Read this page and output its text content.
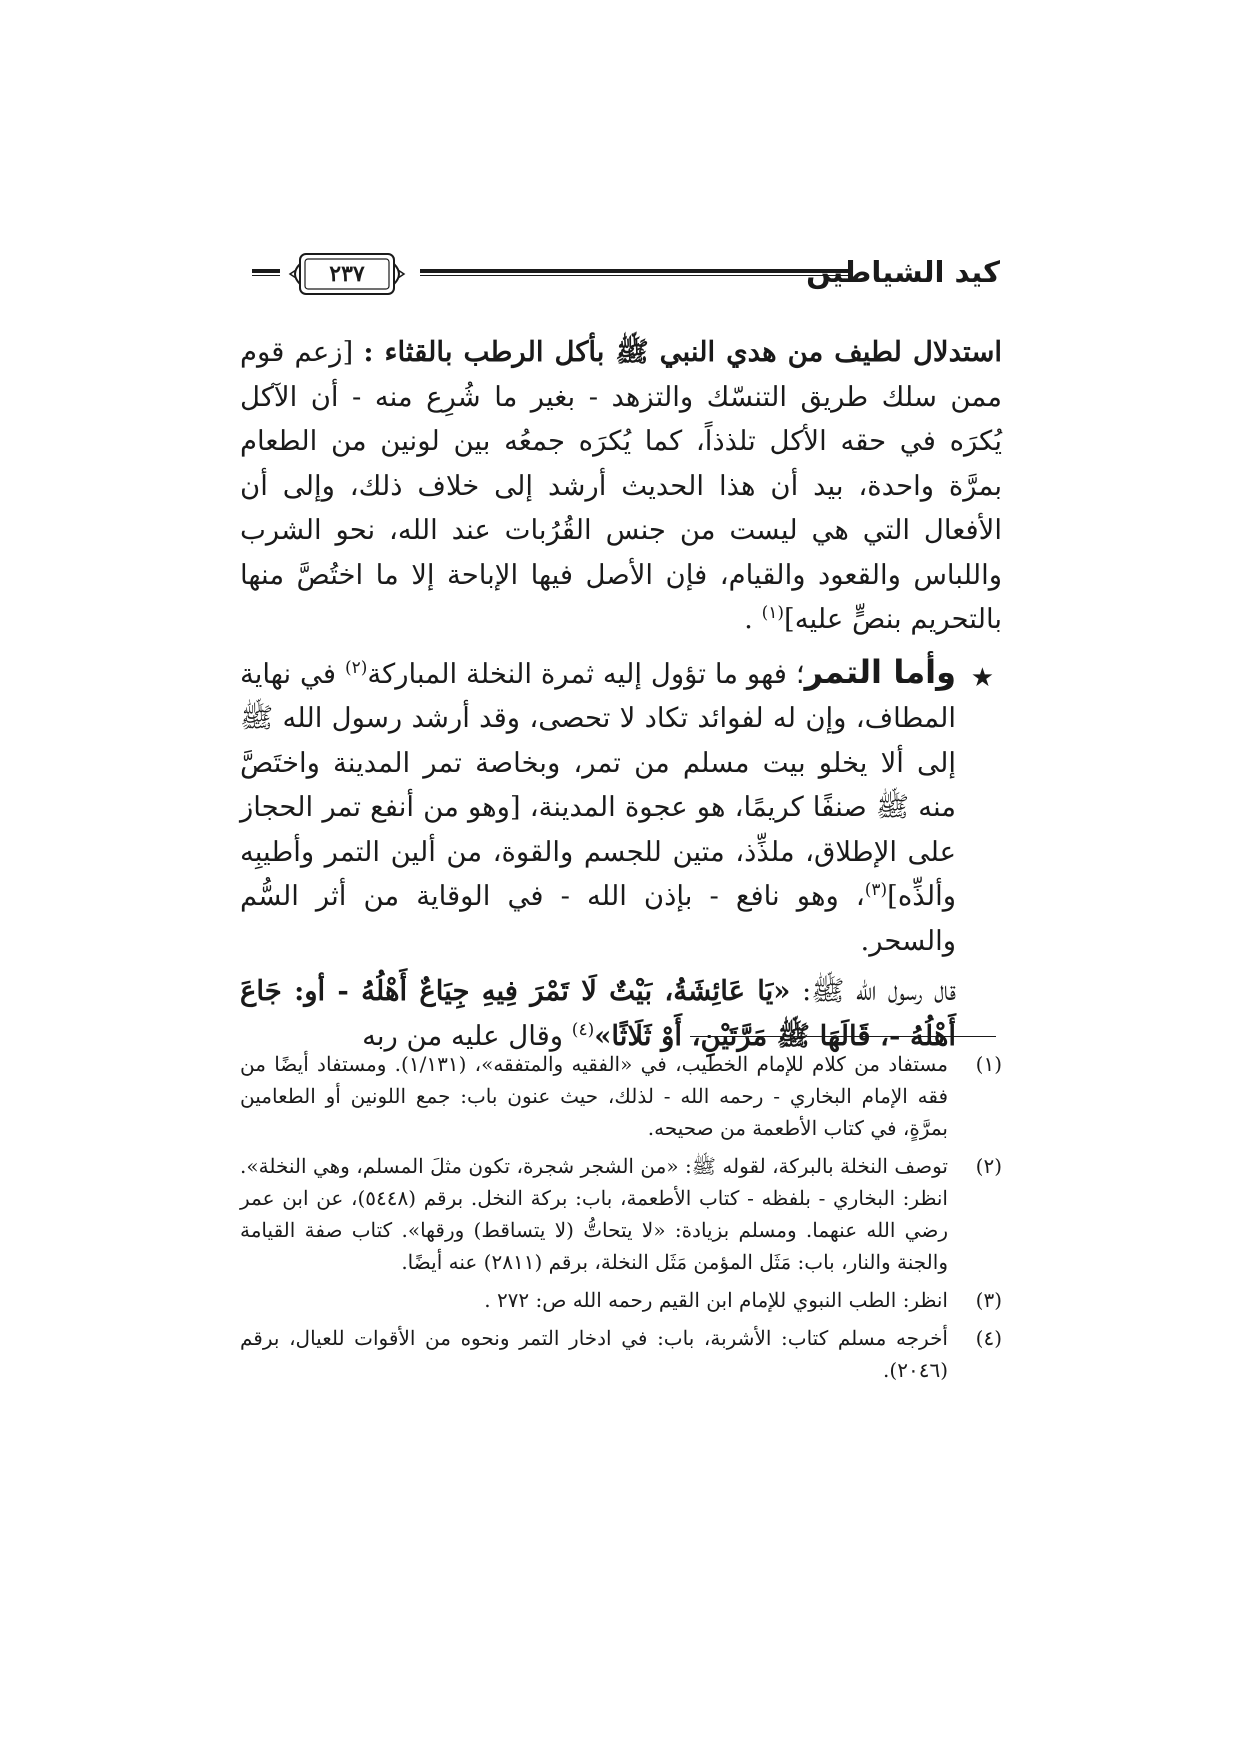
كيد الشياطين
٢٣٧

استدلال لطيف من هدي النبي ﷺ بأكل الرطب بالقثاء : [زعم قوم ممن سلك طريق التنسّك والتزهد - بغير ما شُرِع منه - أن الآكل يُكرَه في حقه الأكل تلذذاً، كما يُكرَه جمعُه بين لونين من الطعام بمرَّة واحدة، بيد أن هذا الحديث أرشد إلى خلاف ذلك، وإلى أن الأفعال التي هي ليست من جنس القُرُبات عند الله، نحو الشرب واللباس والقعود والقيام، فإن الأصل فيها الإباحة إلا ما اختُصَّ منها بالتحريم بنصٍّ عليه]$^{(١)}$ .

★
وأما التمر؛ فهو ما تؤول إليه ثمرة النخلة المباركة$^{(٢)}$ في نهاية المطاف، وإن له لفوائد تكاد لا تحصى، وقد أرشد رسول الله ﷺ إلى ألا يخلو بيت مسلم من تمر، وبخاصة تمر المدينة واختَصَّ منه ﷺ صنفًا كريمًا، هو عجوة المدينة، [وهو من أنفع تمر الحجاز على الإطلاق، ملذِّذ، متين للجسم والقوة، من ألين التمر وأطيبِه وألذِّه]$^{(٣)}$، وهو نافع - بإذن الله - في الوقاية من أثر السُّم والسحر.

قال رسول الله ﷺ: «يَا عَائِشَةُ، بَيْتٌ لَا تَمْرَ فِيهِ جِيَاعٌ أَهْلُهُ - أو: جَاعَ أَهْلُهُ -، قَالَهَا ﷺ مَرَّتَيْنِ، أَوْ ثَلَاثًا»$^{(٤)}$ وقال عليه من ربه

(١)
مستفاد من كلام للإمام الخطيب، في «الفقيه والمتفقه»، (١/١٣١). ومستفاد أيضًا من فقه الإمام البخاري - رحمه الله - لذلك، حيث عنون باب: جمع اللونين أو الطعامين بمرَّةٍ، في كتاب الأطعمة من صحيحه.
(٢)
توصف النخلة بالبركة، لقوله ﷺ: «من الشجر شجرة، تكون مثلَ المسلم، وهي النخلة». انظر: البخاري - بلفظه - كتاب الأطعمة، باب: بركة النخل. برقم (٥٤٤٨)، عن ابن عمر رضي الله عنهما. ومسلم بزيادة: «لا يتحاتُّ (لا يتساقط) ورقها». كتاب صفة القيامة والجنة والنار، باب: مَثَل المؤمن مَثَل النخلة، برقم (٢٨١١) عنه أيضًا.
(٣)
انظر: الطب النبوي للإمام ابن القيم رحمه الله ص: ٢٧٢ .
(٤)
أخرجه مسلم كتاب: الأشربة، باب: في ادخار التمر ونحوه من الأقوات للعيال، برقم (٢٠٤٦).
